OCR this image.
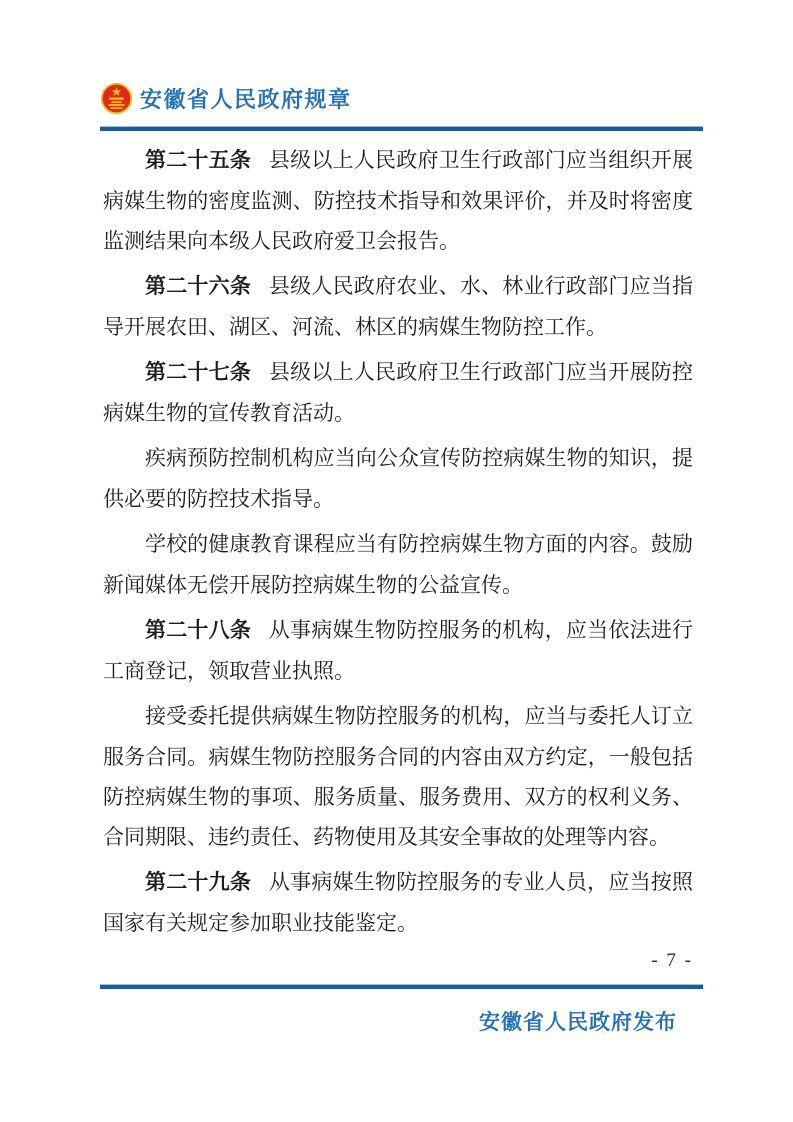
安徽省人民政府规章

第二十五条 县级以上人民政府卫生行政部门应当组织开展病媒生物的密度监测、防控技术指导和效果评价，并及时将密度监测结果向本级人民政府爱卫会报告。

第二十六条 县级人民政府农业、水、林业行政部门应当指导开展农田、湖区、河流、林区的病媒生物防控工作。

第二十七条 县级以上人民政府卫生行政部门应当开展防控病媒生物的宣传教育活动。

疾病预防控制机构应当向公众宣传防控病媒生物的知识，提供必要的防控技术指导。

学校的健康教育课程应当有防控病媒生物方面的内容。鼓励新闻媒体无偿开展防控病媒生物的公益宣传。

第二十八条 从事病媒生物防控服务的机构，应当依法进行工商登记，领取营业执照。

接受委托提供病媒生物防控服务的机构，应当与委托人订立服务合同。病媒生物防控服务合同的内容由双方约定，一般包括防控病媒生物的事项、服务质量、服务费用、双方的权利义务、合同期限、违约责任、药物使用及其安全事故的处理等内容。

第二十九条 从事病媒生物防控服务的专业人员，应当按照国家有关规定参加职业技能鉴定。

- 7 -
安徽省人民政府发布
